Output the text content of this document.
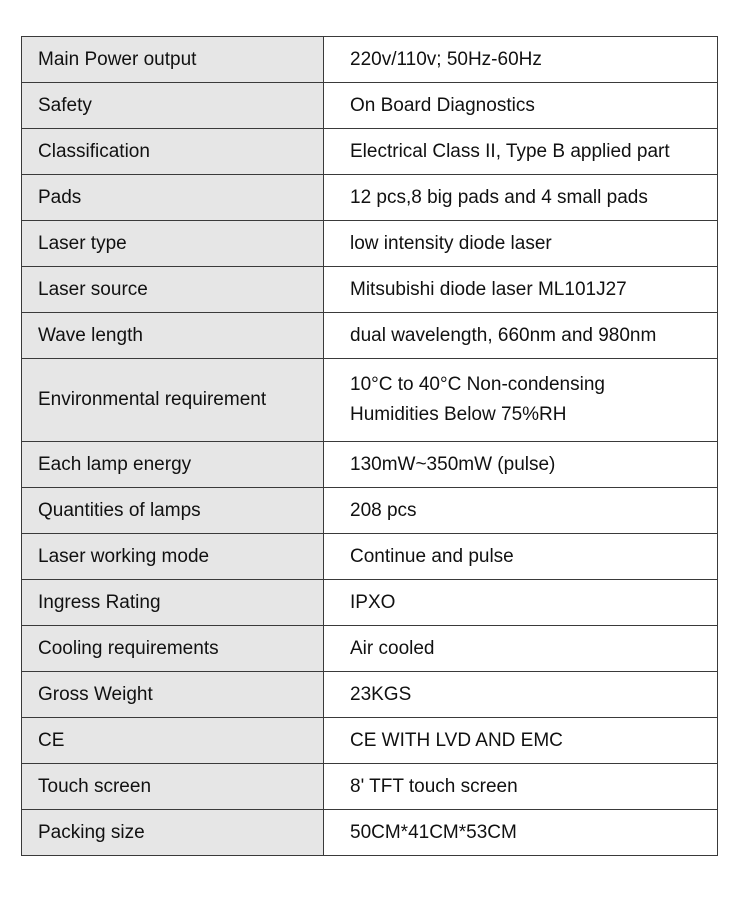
Main Power output	220v/110v; 50Hz-60Hz
Safety	On Board Diagnostics
Classification	Electrical Class II, Type B applied part
Pads	12 pcs,8 big pads and 4 small pads
Laser type	low intensity diode laser
Laser source	Mitsubishi diode laser ML101J27
Wave length	dual wavelength, 660nm and 980nm
Environmental requirement	10°C to 40°C Non-condensing
Humidities Below 75%RH

Each lamp energy	130mW~350mW (pulse)
Quantities of lamps	208 pcs
Laser working mode	Continue and pulse
Ingress Rating	IPXO
Cooling requirements	Air cooled
Gross Weight	23KGS
CE	CE WITH LVD AND EMC
Touch screen	8' TFT touch screen
Packing size	50CM*41CM*53CM
